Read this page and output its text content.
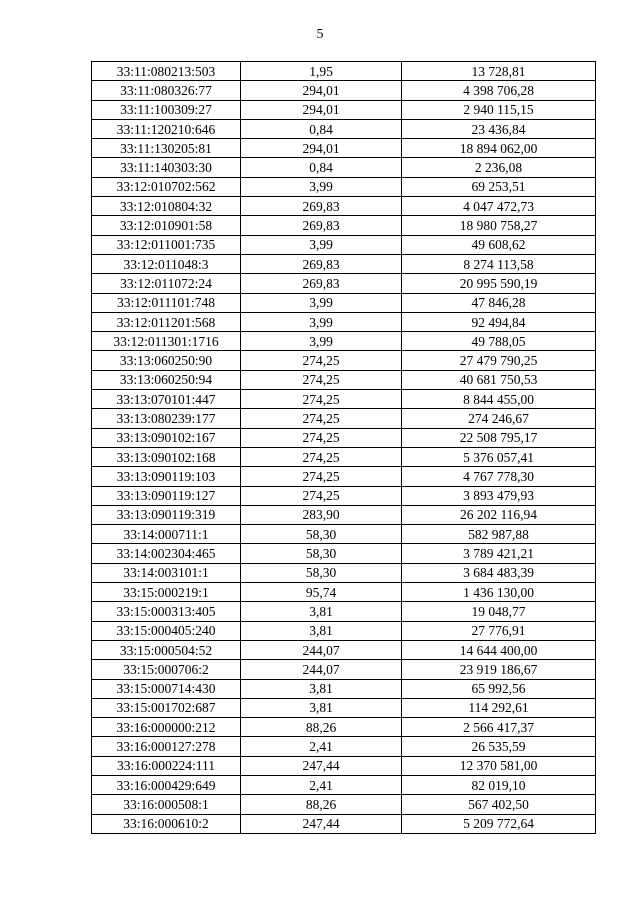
5
33:11:080213:503	1,95	13 728,81
33:11:080326:77	294,01	4 398 706,28
33:11:100309:27	294,01	2 940 115,15
33:11:120210:646	0,84	23 436,84
33:11:130205:81	294,01	18 894 062,00
33:11:140303:30	0,84	2 236,08
33:12:010702:562	3,99	69 253,51
33:12:010804:32	269,83	4 047 472,73
33:12:010901:58	269,83	18 980 758,27
33:12:011001:735	3,99	49 608,62
33:12:011048:3	269,83	8 274 113,58
33:12:011072:24	269,83	20 995 590,19
33:12:011101:748	3,99	47 846,28
33:12:011201:568	3,99	92 494,84
33:12:011301:1716	3,99	49 788,05
33:13:060250:90	274,25	27 479 790,25
33:13:060250:94	274,25	40 681 750,53
33:13:070101:447	274,25	8 844 455,00
33:13:080239:177	274,25	274 246,67
33:13:090102:167	274,25	22 508 795,17
33:13:090102:168	274,25	5 376 057,41
33:13:090119:103	274,25	4 767 778,30
33:13:090119:127	274,25	3 893 479,93
33:13:090119:319	283,90	26 202 116,94
33:14:000711:1	58,30	582 987,88
33:14:002304:465	58,30	3 789 421,21
33:14:003101:1	58,30	3 684 483,39
33:15:000219:1	95,74	1 436 130,00
33:15:000313:405	3,81	19 048,77
33:15:000405:240	3,81	27 776,91
33:15:000504:52	244,07	14 644 400,00
33:15:000706:2	244,07	23 919 186,67
33:15:000714:430	3,81	65 992,56
33:15:001702:687	3,81	114 292,61
33:16:000000:212	88,26	2 566 417,37
33:16:000127:278	2,41	26 535,59
33:16:000224:111	247,44	12 370 581,00
33:16:000429:649	2,41	82 019,10
33:16:000508:1	88,26	567 402,50
33:16:000610:2	247,44	5 209 772,64
